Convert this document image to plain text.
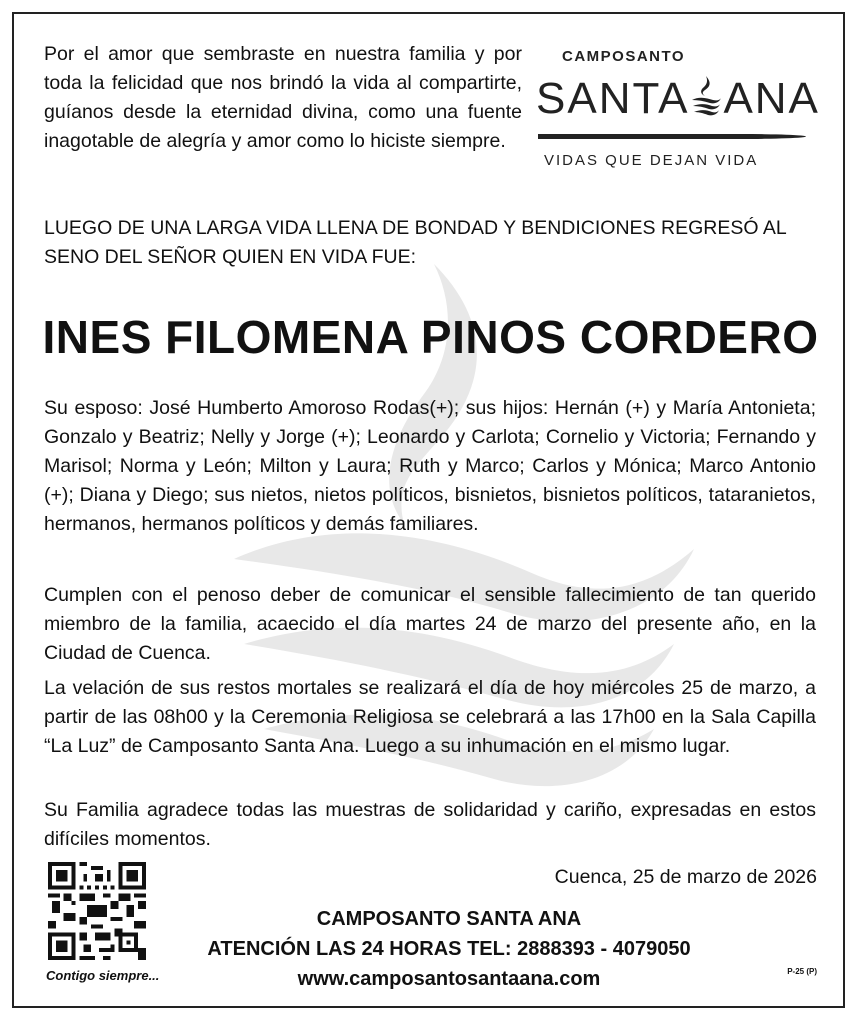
Por el amor que sembraste en nuestra familia y por toda la felicidad que nos brindó la vida al compartirte, guíanos desde la eternidad divina, como una fuente inagotable de alegría y amor como lo hiciste siempre.

CAMPOSANTO
SANTA ANA
VIDAS QUE DEJAN VIDA

LUEGO DE UNA LARGA VIDA LLENA DE BONDAD Y BENDICIONES REGRESÓ AL SENO DEL SEÑOR QUIEN EN VIDA FUE:

INES FILOMENA PINOS CORDERO

Su esposo: José Humberto Amoroso Rodas(+); sus hijos: Hernán (+) y María Antonieta; Gonzalo y Beatriz; Nelly y Jorge (+); Leonardo y Carlota; Cornelio y Victoria; Fernando y Marisol; Norma y León; Milton y Laura; Ruth y Marco; Carlos y Mónica; Marco Antonio (+); Diana y Diego; sus nietos, nietos políticos, bisnietos, bisnietos políticos, tataranietos, hermanos, hermanos políticos y demás familiares.

Cumplen con el penoso deber de comunicar el sensible fallecimiento de tan querido miembro de la familia, acaecido el día martes 24 de marzo del presente año, en la Ciudad de Cuenca.

La velación de sus restos mortales se realizará el día de hoy miércoles 25 de marzo, a partir de las 08h00 y la Ceremonia Religiosa se celebrará a las 17h00 en la Sala Capilla “La Luz” de Camposanto Santa Ana. Luego a su inhumación en el mismo lugar.

Su Familia agradece todas las muestras de solidaridad y cariño, expresadas en estos difíciles momentos.

Contigo siempre...
Cuenca, 25 de marzo de 2026
CAMPOSANTO SANTA ANA
ATENCIÓN LAS 24 HORAS TEL: 2888393 - 4079050
www.camposantosantaana.com	P-25 (P)
